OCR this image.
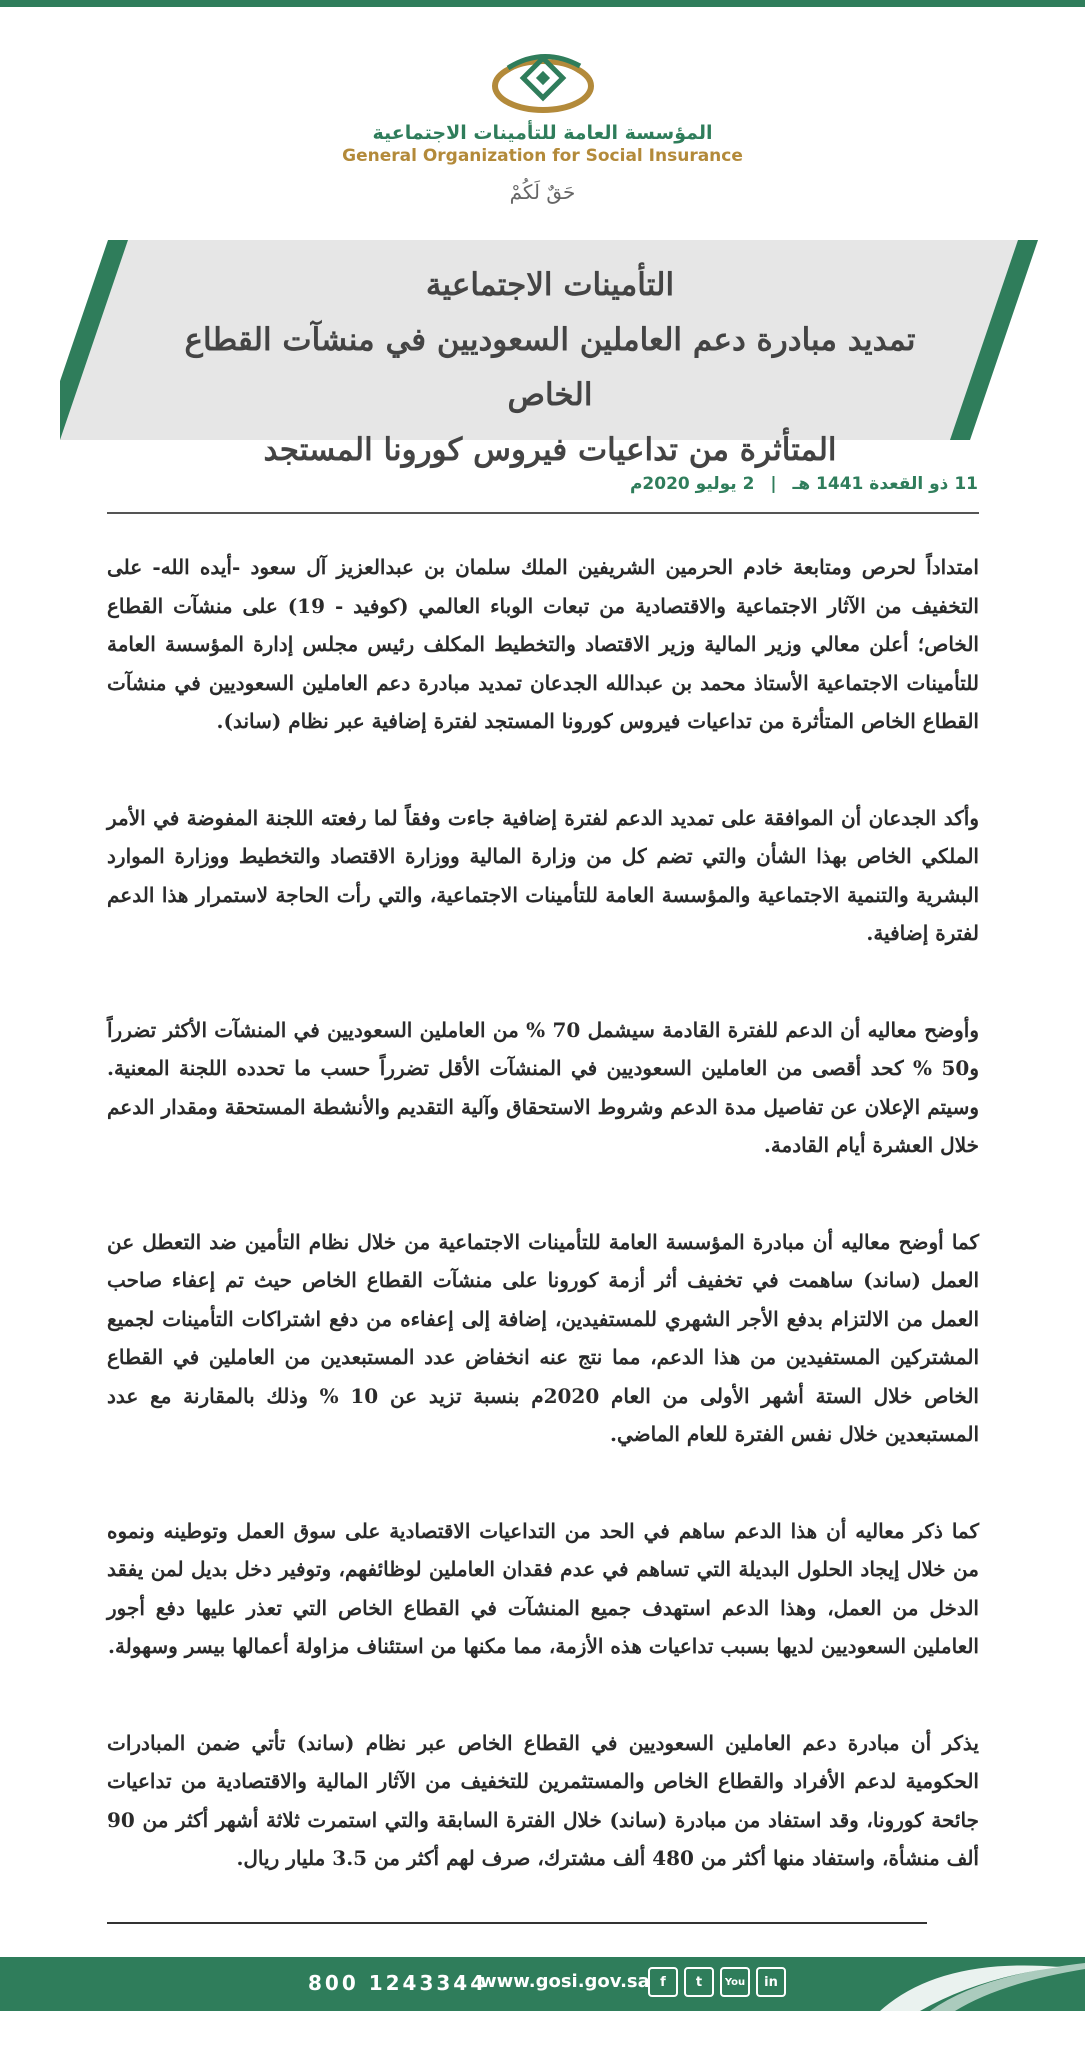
المؤسسة العامة للتأمينات الاجتماعية
General Organization for Social Insurance
حَقٌ لَكُمْ
التأمينات الاجتماعية
تمديد مبادرة دعم العاملين السعوديين في منشآت القطاع الخاص
المتأثرة من تداعيات فيروس كورونا المستجد
11 ذو القعدة 1441 هـ | 2 يوليو 2020م

امتداداً لحرص ومتابعة خادم الحرمين الشريفين الملك سلمان بن عبدالعزيز آل سعود -أيده الله- على التخفيف من الآثار الاجتماعية والاقتصادية من تبعات الوباء العالمي (كوفيد - 19) على منشآت القطاع الخاص؛ أعلن معالي وزير المالية وزير الاقتصاد والتخطيط المكلف رئيس مجلس إدارة المؤسسة العامة للتأمينات الاجتماعية الأستاذ محمد بن عبدالله الجدعان تمديد مبادرة دعم العاملين السعوديين في منشآت القطاع الخاص المتأثرة من تداعيات فيروس كورونا المستجد لفترة إضافية عبر نظام (ساند).

وأكد الجدعان أن الموافقة على تمديد الدعم لفترة إضافية جاءت وفقاً لما رفعته اللجنة المفوضة في الأمر الملكي الخاص بهذا الشأن والتي تضم كل من وزارة المالية ووزارة الاقتصاد والتخطيط ووزارة الموارد البشرية والتنمية الاجتماعية والمؤسسة العامة للتأمينات الاجتماعية، والتي رأت الحاجة لاستمرار هذا الدعم لفترة إضافية.

وأوضح معاليه أن الدعم للفترة القادمة سيشمل 70 % من العاملين السعوديين في المنشآت الأكثر تضرراً و50 % كحد أقصى من العاملين السعوديين في المنشآت الأقل تضرراً حسب ما تحدده اللجنة المعنية. وسيتم الإعلان عن تفاصيل مدة الدعم وشروط الاستحقاق وآلية التقديم والأنشطة المستحقة ومقدار الدعم خلال العشرة أيام القادمة.

كما أوضح معاليه أن مبادرة المؤسسة العامة للتأمينات الاجتماعية من خلال نظام التأمين ضد التعطل عن العمل (ساند) ساهمت في تخفيف أثر أزمة كورونا على منشآت القطاع الخاص حيث تم إعفاء صاحب العمل من الالتزام بدفع الأجر الشهري للمستفيدين، إضافة إلى إعفاءه من دفع اشتراكات التأمينات لجميع المشتركين المستفيدين من هذا الدعم، مما نتج عنه انخفاض عدد المستبعدين من العاملين في القطاع الخاص خلال الستة أشهر الأولى من العام 2020م بنسبة تزيد عن 10 % وذلك بالمقارنة مع عدد المستبعدين خلال نفس الفترة للعام الماضي.

كما ذكر معاليه أن هذا الدعم ساهم في الحد من التداعيات الاقتصادية على سوق العمل وتوطينه ونموه من خلال إيجاد الحلول البديلة التي تساهم في عدم فقدان العاملين لوظائفهم، وتوفير دخل بديل لمن يفقد الدخل من العمل، وهذا الدعم استهدف جميع المنشآت في القطاع الخاص التي تعذر عليها دفع أجور العاملين السعوديين لديها بسبب تداعيات هذه الأزمة، مما مكنها من استئناف مزاولة أعمالها بيسر وسهولة.

يذكر أن مبادرة دعم العاملين السعوديين في القطاع الخاص عبر نظام (ساند) تأتي ضمن المبادرات الحكومية لدعم الأفراد والقطاع الخاص والمستثمرين للتخفيف من الآثار المالية والاقتصادية من تداعيات جائحة كورونا، وقد استفاد من مبادرة (ساند) خلال الفترة السابقة والتي استمرت ثلاثة أشهر أكثر من 90 ألف منشأة، واستفاد منها أكثر من 480 ألف مشترك، صرف لهم أكثر من 3.5 مليار ريال.

800 1243344
www.gosi.gov.sa f	t	You	in
